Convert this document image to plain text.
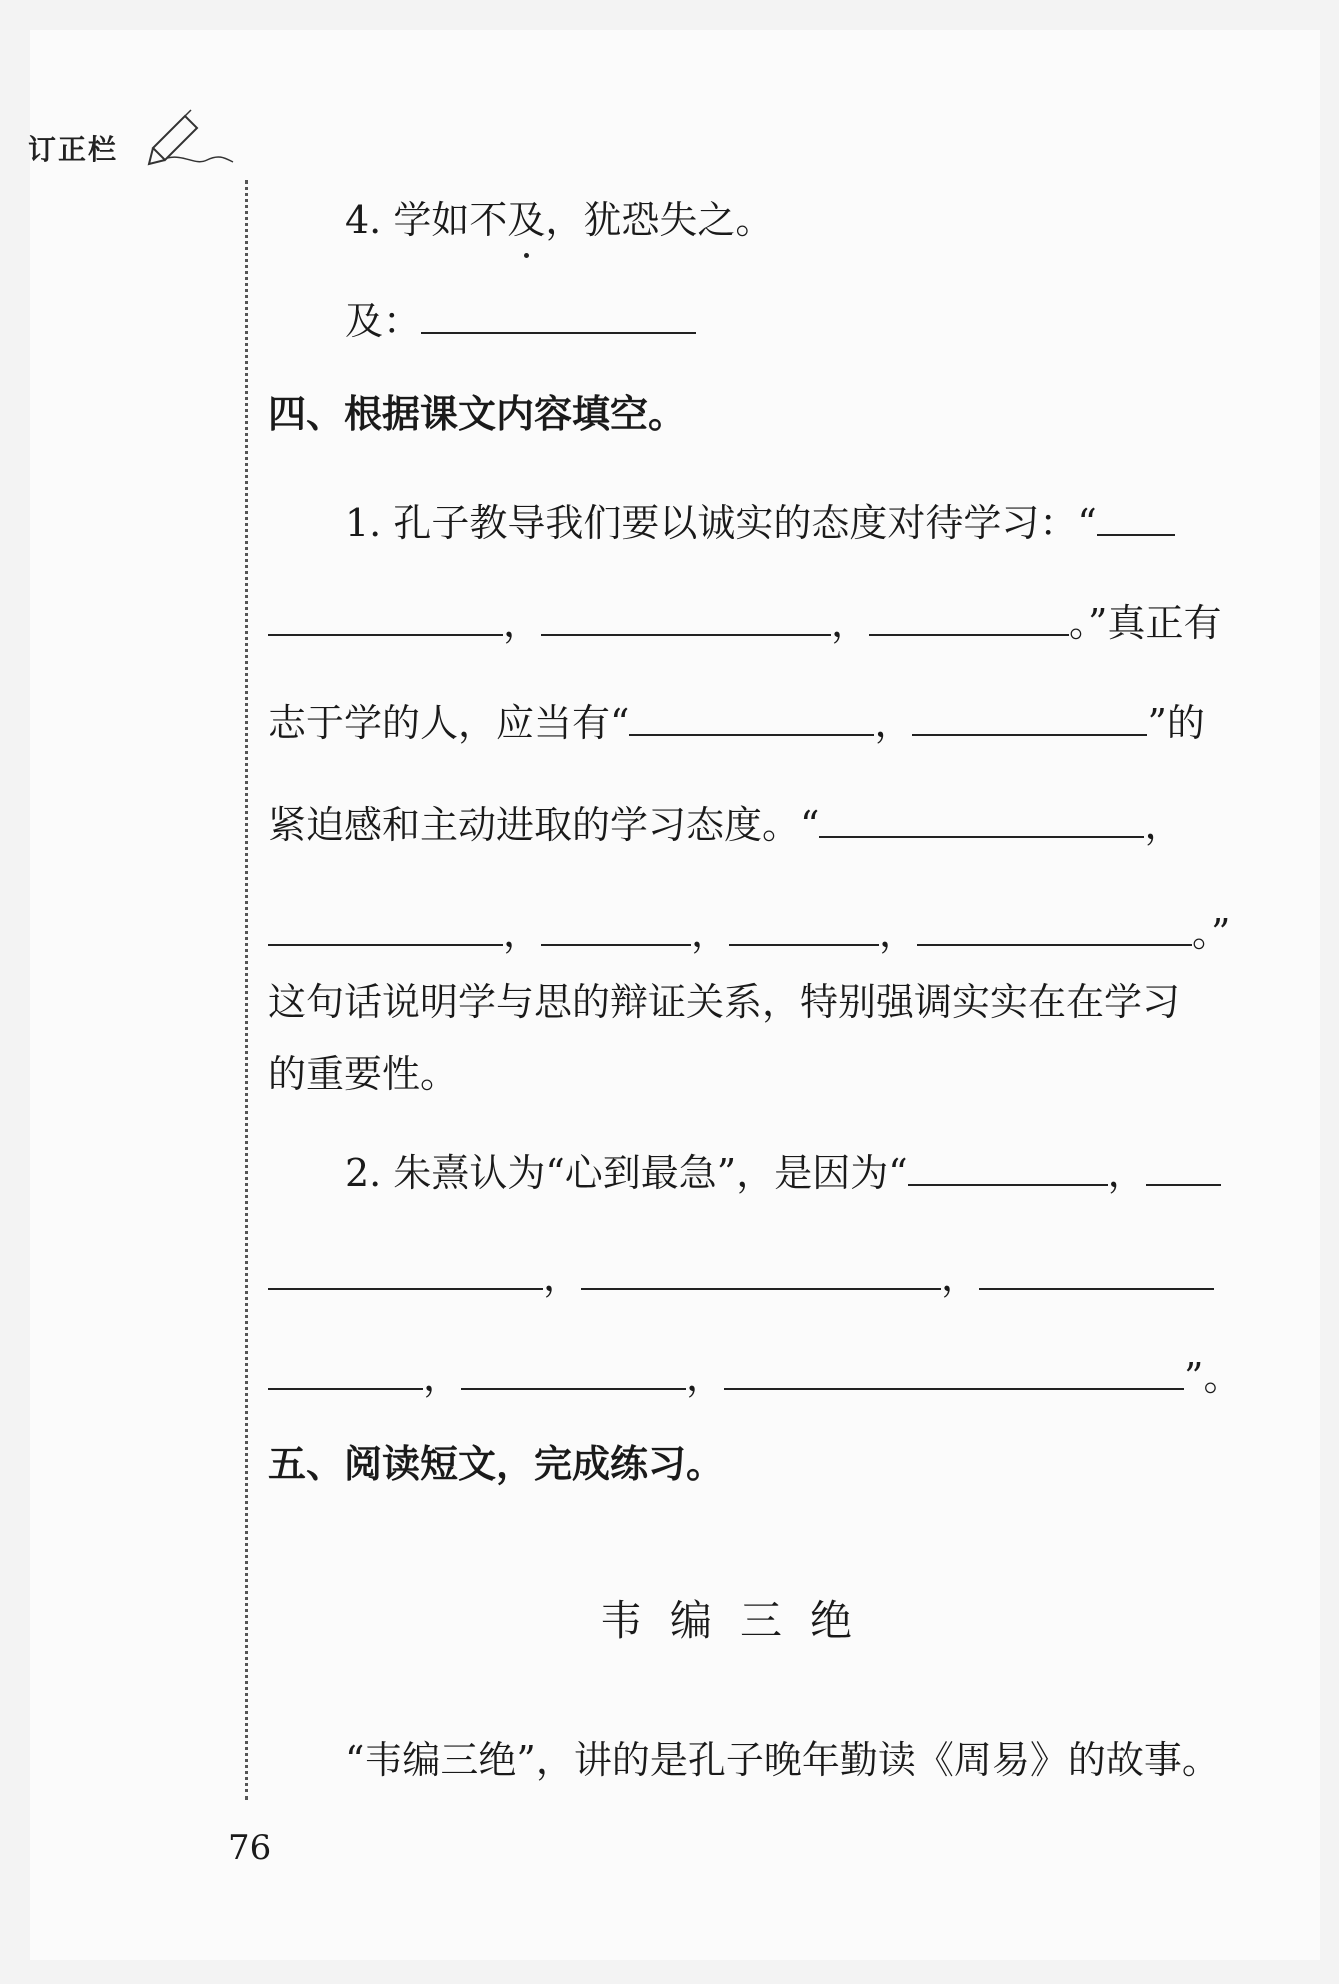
订正栏
4. 学如不及，犹恐失之。
及：
四、根据课文内容填空。
1. 孔子教导我们要以诚实的态度对待学习：“
，	，	。”真正有
志于学的人，应当有“	，	”的
紧迫感和主动进取的学习态度。“	，
，	，	，	。”
这句话说明学与思的辩证关系，特别强调实实在在学习
的重要性。
2. 朱熹认为“心到最急”，是因为“	，
，	，
，	，	”。
五、阅读短文，完成练习。
韦编三绝
“韦编三绝”，讲的是孔子晚年勤读《周易》的故事。
76
